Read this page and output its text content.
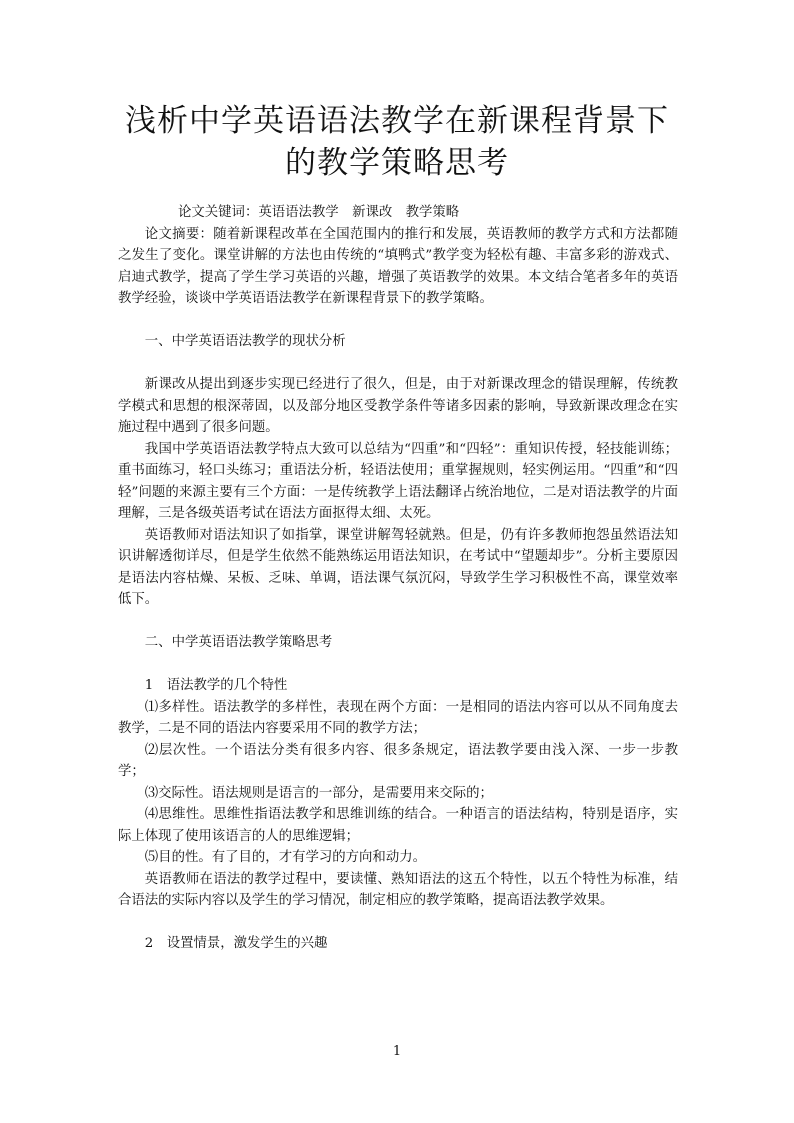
浅析中学英语语法教学在新课程背景下
的教学策略思考

论文关键词：英语语法教学　新课改　教学策略

论文摘要：随着新课程改革在全国范围内的推行和发展，英语教师的教学方式和方法都随之发生了变化。课堂讲解的方法也由传统的“填鸭式”教学变为轻松有趣、丰富多彩的游戏式、启迪式教学，提高了学生学习英语的兴趣，增强了英语教学的效果。本文结合笔者多年的英语教学经验，谈谈中学英语语法教学在新课程背景下的教学策略。

一、中学英语语法教学的现状分析

新课改从提出到逐步实现已经进行了很久，但是，由于对新课改理念的错误理解，传统教学模式和思想的根深蒂固，以及部分地区受教学条件等诸多因素的影响，导致新课改理念在实施过程中遇到了很多问题。

我国中学英语语法教学特点大致可以总结为“四重”和“四轻”：重知识传授，轻技能训练；重书面练习，轻口头练习；重语法分析，轻语法使用；重掌握规则，轻实例运用。“四重”和“四轻”问题的来源主要有三个方面：一是传统教学上语法翻译占统治地位，二是对语法教学的片面理解，三是各级英语考试在语法方面抠得太细、太死。

英语教师对语法知识了如指掌，课堂讲解驾轻就熟。但是，仍有许多教师抱怨虽然语法知识讲解透彻详尽，但是学生依然不能熟练运用语法知识，在考试中“望题却步”。分析主要原因是语法内容枯燥、呆板、乏味、单调，语法课气氛沉闷，导致学生学习积极性不高，课堂效率低下。

二、中学英语语法教学策略思考

1　语法教学的几个特性

⑴多样性。语法教学的多样性，表现在两个方面：一是相同的语法内容可以从不同角度去教学，二是不同的语法内容要采用不同的教学方法；

⑵层次性。一个语法分类有很多内容、很多条规定，语法教学要由浅入深、一步一步教学；

⑶交际性。语法规则是语言的一部分，是需要用来交际的；

⑷思维性。思维性指语法教学和思维训练的结合。一种语言的语法结构，特别是语序，实际上体现了使用该语言的人的思维逻辑；

⑸目的性。有了目的，才有学习的方向和动力。

英语教师在语法的教学过程中，要读懂、熟知语法的这五个特性，以五个特性为标准，结合语法的实际内容以及学生的学习情况，制定相应的教学策略，提高语法教学效果。

2　设置情景，激发学生的兴趣

1
